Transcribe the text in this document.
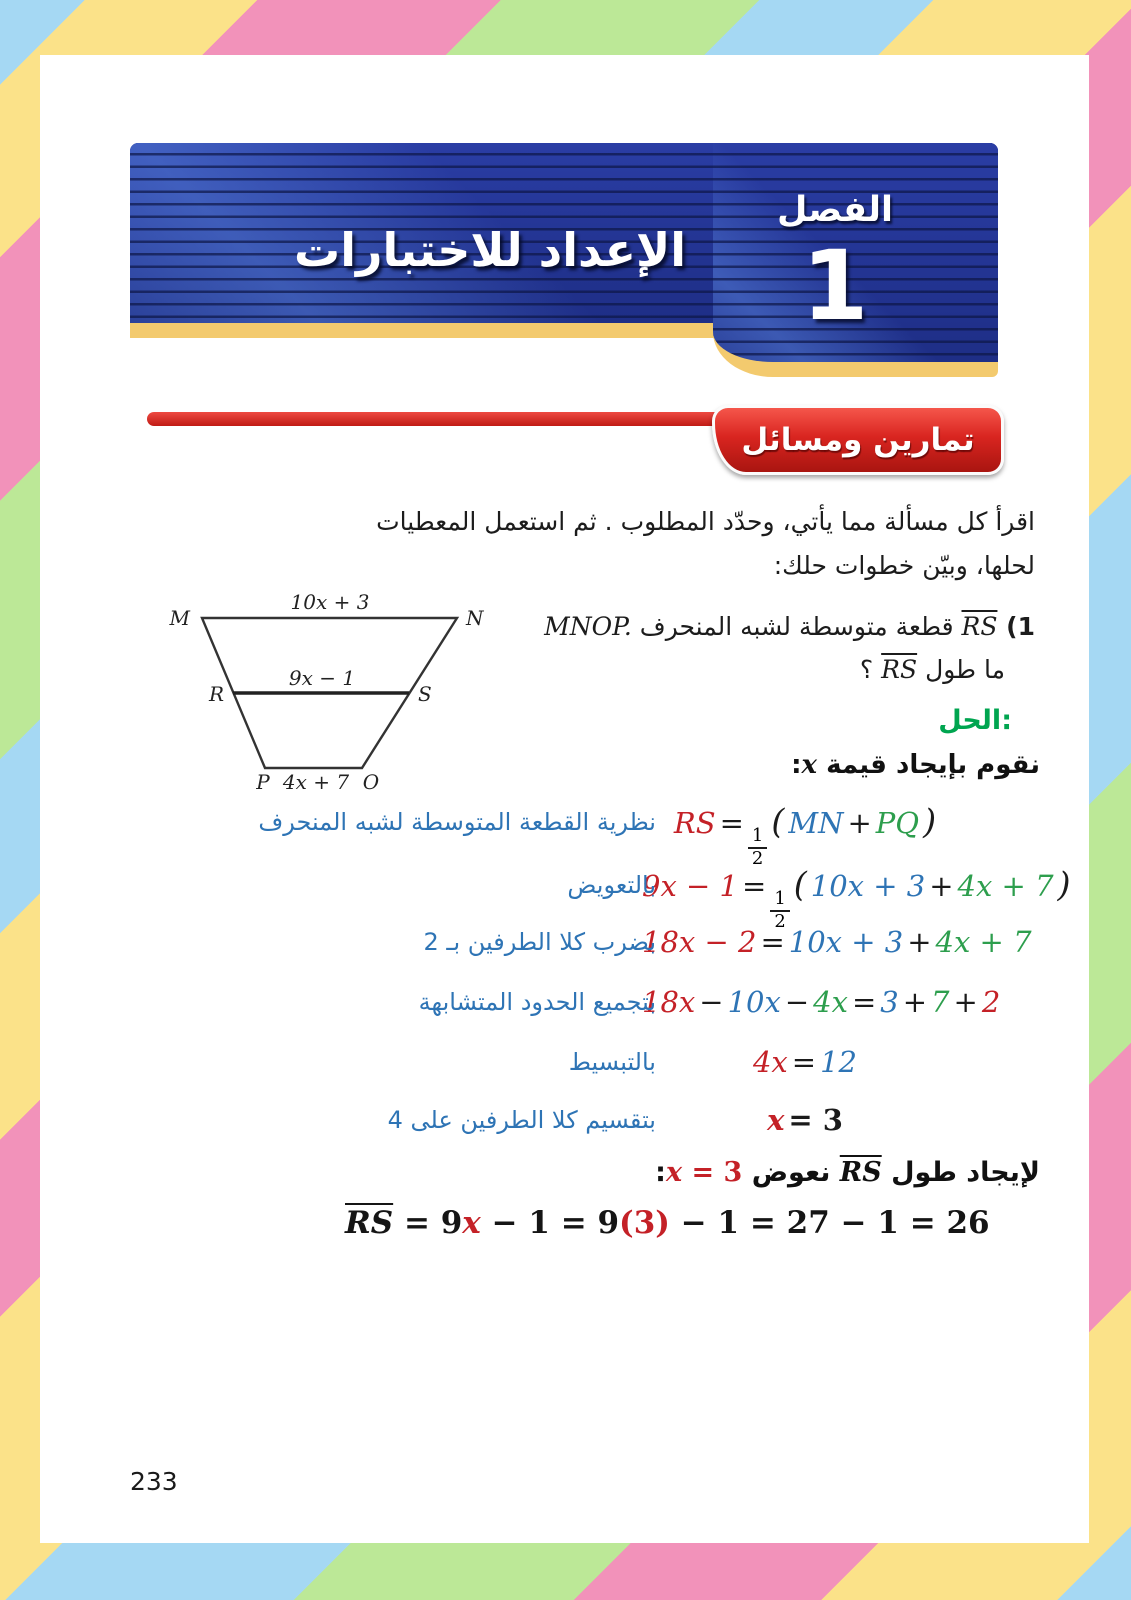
الإعداد للاختبارات
الفصل
1
تمارين ومسائل
اقرأ كل مسألة مما يأتي، وحدّد المطلوب . ثم استعمل المعطيات
لحلها، وبيّن خطوات حلك:
M	N
R	S
P	O
10x + 3
9x − 1
4x + 7
1) $\overline{RS}$ قطعة متوسطة لشبه المنحرف MNOP.
ما طول $\overline{RS}$ ؟
الحل:
نقوم بإيجاد قيمة x:
RS =
$\frac{1}{2}$
( MN + PQ )
نظرية القطعة المتوسطة لشبه المنحرف
9x − 1 =
$\frac{1}{2}$
( 10x + 3 + 4x + 7 )
بالتعويض
18x − 2 = 10x + 3 + 4x + 7
بضرب كلا الطرفين بـ 2
18x − 10x − 4x = 3 + 7 + 2
بتجميع الحدود المتشابهة
4x = 12
بالتبسيط
x = 3
بتقسيم كلا الطرفين على 4
لإيجاد طول $\overline{RS}$ نعوض x = 3:
$\overline{RS} = 9x - 1 = 9(3) - 1 = 27 - 1 = 26$
233
